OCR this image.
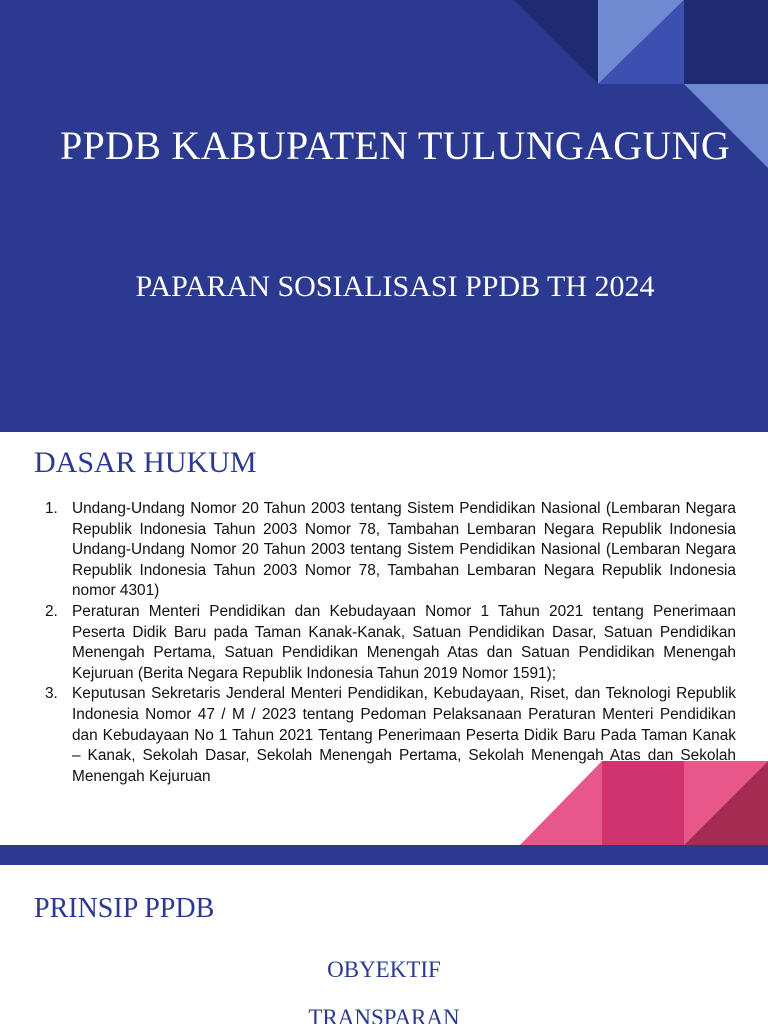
PPDB KABUPATEN TULUNGAGUNG
PAPARAN SOSIALISASI PPDB TH 2024
DASAR HUKUM
1. Undang-Undang Nomor 20 Tahun 2003 tentang Sistem Pendidikan Nasional (Lembaran Negara Republik Indonesia Tahun 2003 Nomor 78, Tambahan Lembaran Negara Republik Indonesia Undang-Undang Nomor 20 Tahun 2003 tentang Sistem Pendidikan Nasional (Lembaran Negara Republik Indonesia Tahun 2003 Nomor 78, Tambahan Lembaran Negara Republik Indonesia nomor 4301)
2. Peraturan Menteri Pendidikan dan Kebudayaan Nomor 1 Tahun 2021 tentang Penerimaan Peserta Didik Baru pada Taman Kanak-Kanak, Satuan Pendidikan Dasar, Satuan Pendidikan Menengah Pertama, Satuan Pendidikan Menengah Atas dan Satuan Pendidikan Menengah Kejuruan (Berita Negara Republik Indonesia Tahun 2019 Nomor 1591);
3. Keputusan Sekretaris Jenderal Menteri Pendidikan, Kebudayaan, Riset, dan Teknologi Republik Indonesia Nomor 47 / M / 2023 tentang Pedoman Pelaksanaan Peraturan Menteri Pendidikan dan Kebudayaan No 1 Tahun 2021 Tentang Penerimaan Peserta Didik Baru Pada Taman Kanak – Kanak, Sekolah Dasar, Sekolah Menengah Pertama, Sekolah Menengah Atas dan Sekolah Menengah Kejuruan
PRINSIP PPDB
OBYEKTIF
TRANSPARAN
